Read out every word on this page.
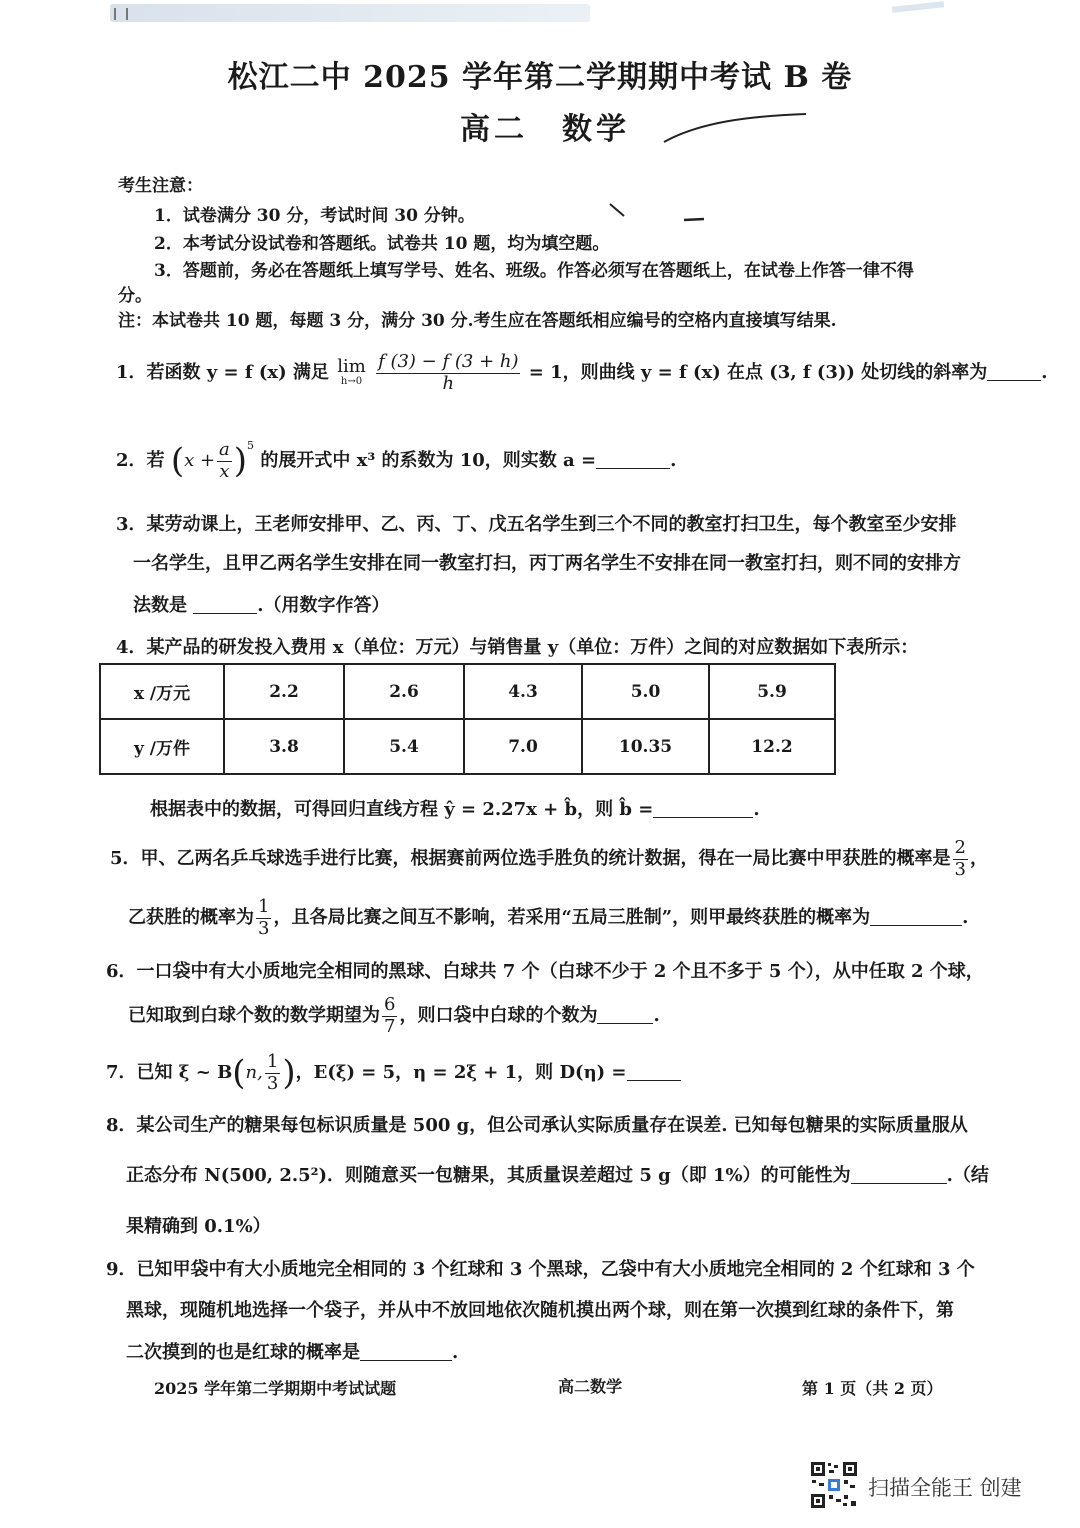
松江二中 2025 学年第二学期期中考试 B 卷
高二　数学
考生注意：
1．试卷满分 30 分，考试时间 30 分钟。
2．本考试分设试卷和答题纸。试卷共 10 题，均为填空题。
3．答题前，务必在答题纸上填写学号、姓名、班级。作答必须写在答题纸上，在试卷上作答一律不得
分。
注：本试卷共 10 题，每题 3 分，满分 30 分.考生应在答题纸相应编号的空格内直接填写结果.
1．若函数 y = f (x) 满足 lim
h→0
$\frac{f (3) - f (3 + h)}{h} = 1$，则曲线 y = f (x) 在点 (3, f (3)) 处切线的斜率为	.
2．若 $(x + \frac{a}{x} )^5$ 的展开式中 x³ 的系数为 10，则实数 a =	.
3．某劳动课上，王老师安排甲、乙、丙、丁、戊五名学生到三个不同的教室打扫卫生，每个教室至少安排
一名学生，且甲乙两名学生安排在同一教室打扫，丙丁两名学生不安排在同一教室打扫，则不同的安排方
法数是	.（用数字作答）
4．某产品的研发投入费用 x（单位：万元）与销售量 y（单位：万件）之间的对应数据如下表所示：
x /万元	2.2	2.6	4.3	5.0	5.9
y /万件	3.8	5.4	7.0	10.35	12.2
根据表中的数据，可得回归直线方程 ŷ = 2.27x + b̂，则 b̂ =	.
5．甲、乙两名乒乓球选手进行比赛，根据赛前两位选手胜负的统计数据，得在一局比赛中甲获胜的概率是 $\frac{2}{3}$ ，
乙获胜的概率为 $\frac{1}{3}$ ，且各局比赛之间互不影响，若采用“五局三胜制”，则甲最终获胜的概率为	.
6．一口袋中有大小质地完全相同的黑球、白球共 7 个（白球不少于 2 个且不多于 5 个），从中任取 2 个球，
已知取到白球个数的数学期望为 $\frac{6}{7}$ ，则口袋中白球的个数为	.
7．已知 ξ ~ B(n, $\frac{1}{3}$ )，E(ξ) = 5，η = 2ξ + 1，则 D(η) =
8．某公司生产的糖果每包标识质量是 500 g，但公司承认实际质量存在误差. 已知每包糖果的实际质量服从
正态分布 N(500, 2.5²)．则随意买一包糖果，其质量误差超过 5 g（即 1%）的可能性为	.（结
果精确到 0.1%）
9．已知甲袋中有大小质地完全相同的 3 个红球和 3 个黑球，乙袋中有大小质地完全相同的 2 个红球和 3 个
黑球，现随机地选择一个袋子，并从中不放回地依次随机摸出两个球，则在第一次摸到红球的条件下，第
二次摸到的也是红球的概率是	.
2025 学年第二学期期中考试试题	高二数学	第 1 页（共 2 页）
扫描全能王 创建
